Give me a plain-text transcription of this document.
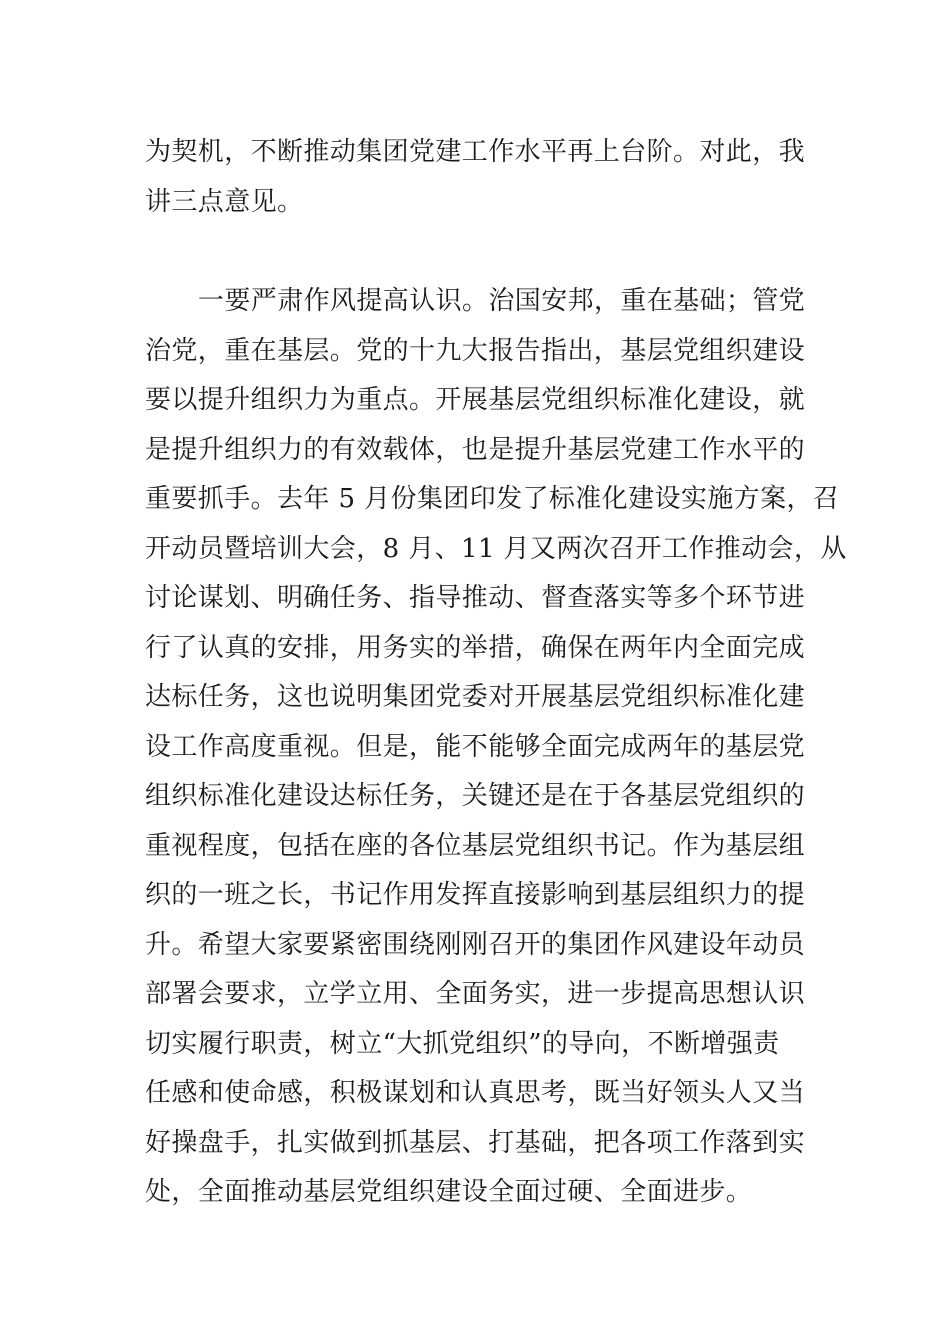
为契机，不断推动集团党建工作水平再上台阶。对此，我
讲三点意见。
一要严肃作风提高认识。治国安邦，重在基础；管党
治党，重在基层。党的十九大报告指出，基层党组织建设
要以提升组织力为重点。开展基层党组织标准化建设，就
是提升组织力的有效载体，也是提升基层党建工作水平的
重要抓手。去年 5 月份集团印发了标准化建设实施方案，召
开动员暨培训大会，8 月、11 月又两次召开工作推动会，从
讨论谋划、明确任务、指导推动、督查落实等多个环节进
行了认真的安排，用务实的举措，确保在两年内全面完成
达标任务，这也说明集团党委对开展基层党组织标准化建
设工作高度重视。但是，能不能够全面完成两年的基层党
组织标准化建设达标任务，关键还是在于各基层党组织的
重视程度，包括在座的各位基层党组织书记。作为基层组
织的一班之长，书记作用发挥直接影响到基层组织力的提
升。希望大家要紧密围绕刚刚召开的集团作风建设年动员
部署会要求，立学立用、全面务实，进一步提高思想认识
切实履行职责，树立“大抓党组织”的导向，不断增强责
任感和使命感，积极谋划和认真思考，既当好领头人又当
好操盘手，扎实做到抓基层、打基础，把各项工作落到实
处，全面推动基层党组织建设全面过硬、全面进步。
